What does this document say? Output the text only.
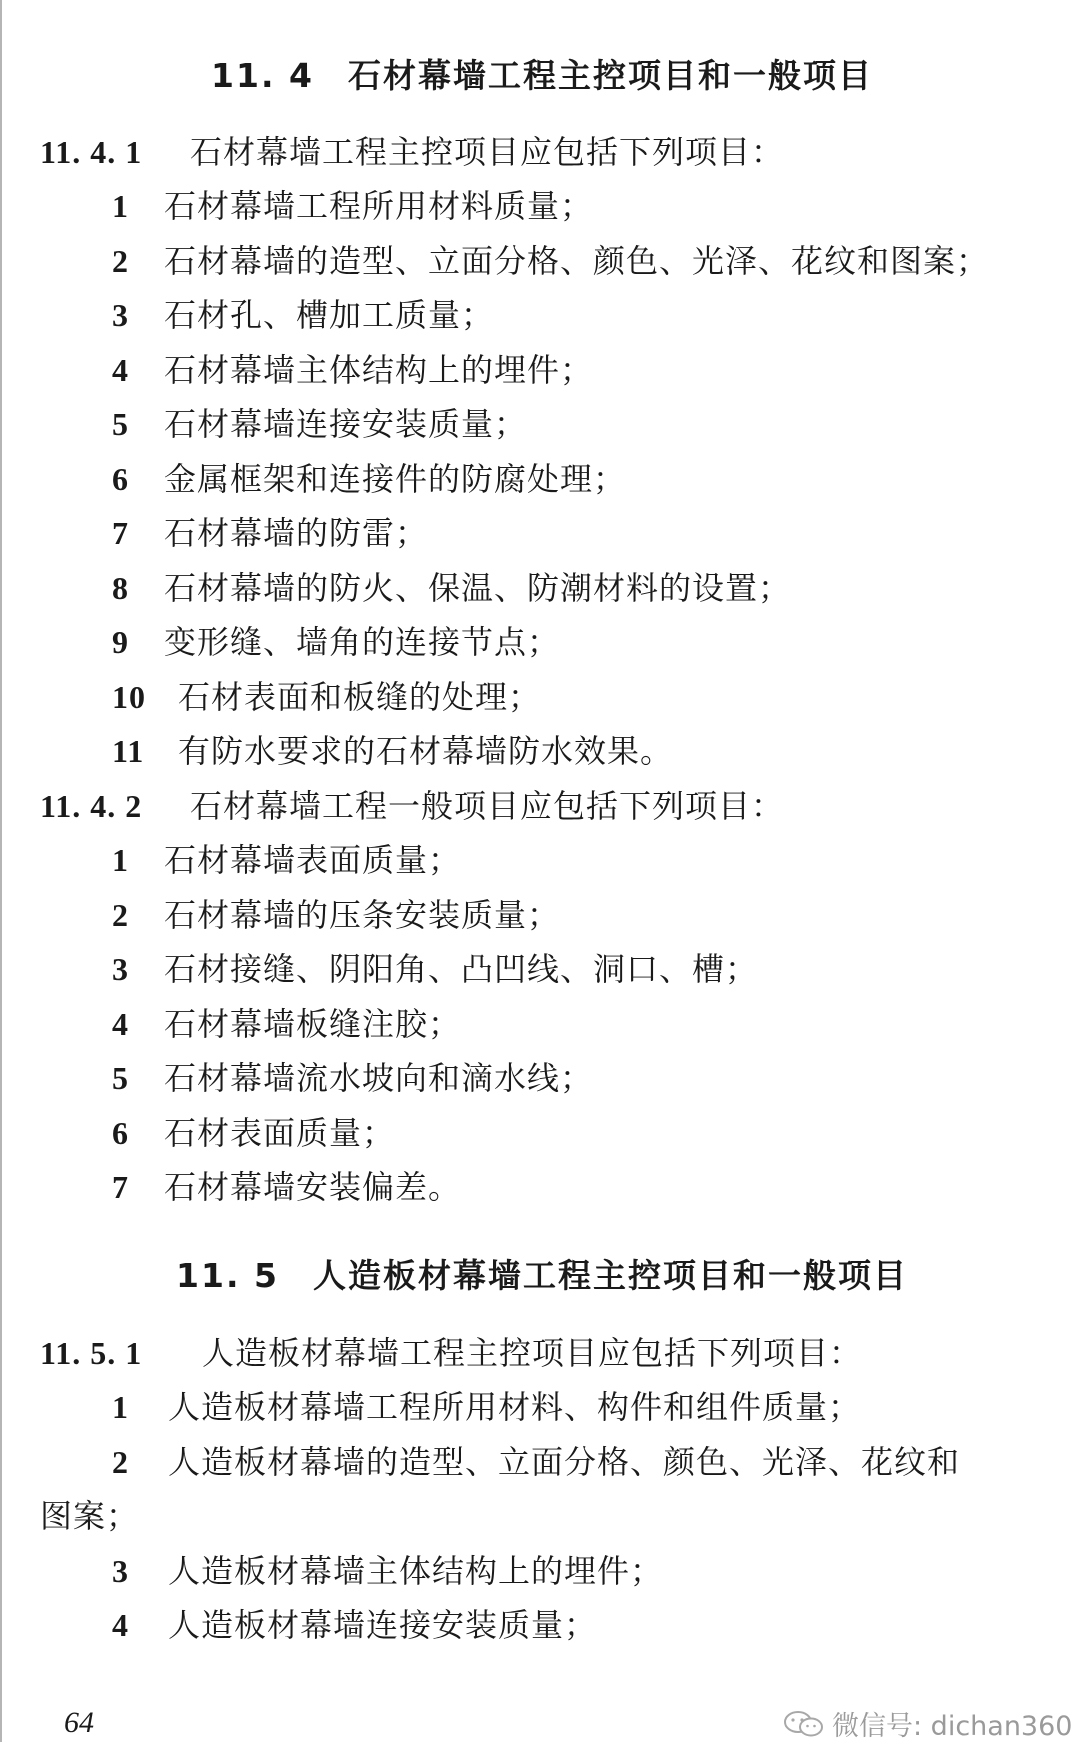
11. 4 石材幕墙工程主控项目和一般项目
11. 4. 1 石材幕墙工程主控项目应包括下列项目：
1 石材幕墙工程所用材料质量；
2 石材幕墙的造型、立面分格、颜色、光泽、花纹和图案；
3 石材孔、槽加工质量；
4 石材幕墙主体结构上的埋件；
5 石材幕墙连接安装质量；
6 金属框架和连接件的防腐处理；
7 石材幕墙的防雷；
8 石材幕墙的防火、保温、防潮材料的设置；
9 变形缝、墙角的连接节点；
10 石材表面和板缝的处理；
11 有防水要求的石材幕墙防水效果。
11. 4. 2 石材幕墙工程一般项目应包括下列项目：
1 石材幕墙表面质量；
2 石材幕墙的压条安装质量；
3 石材接缝、阴阳角、凸凹线、洞口、槽；
4 石材幕墙板缝注胶；
5 石材幕墙流水坡向和滴水线；
6 石材表面质量；
7 石材幕墙安装偏差。
11. 5 人造板材幕墙工程主控项目和一般项目
11. 5. 1 人造板材幕墙工程主控项目应包括下列项目：
1 人造板材幕墙工程所用材料、构件和组件质量；
2 人造板材幕墙的造型、立面分格、颜色、光泽、花纹和
图案；
3 人造板材幕墙主体结构上的埋件；
4 人造板材幕墙连接安装质量；
64	微信号: dichan360
